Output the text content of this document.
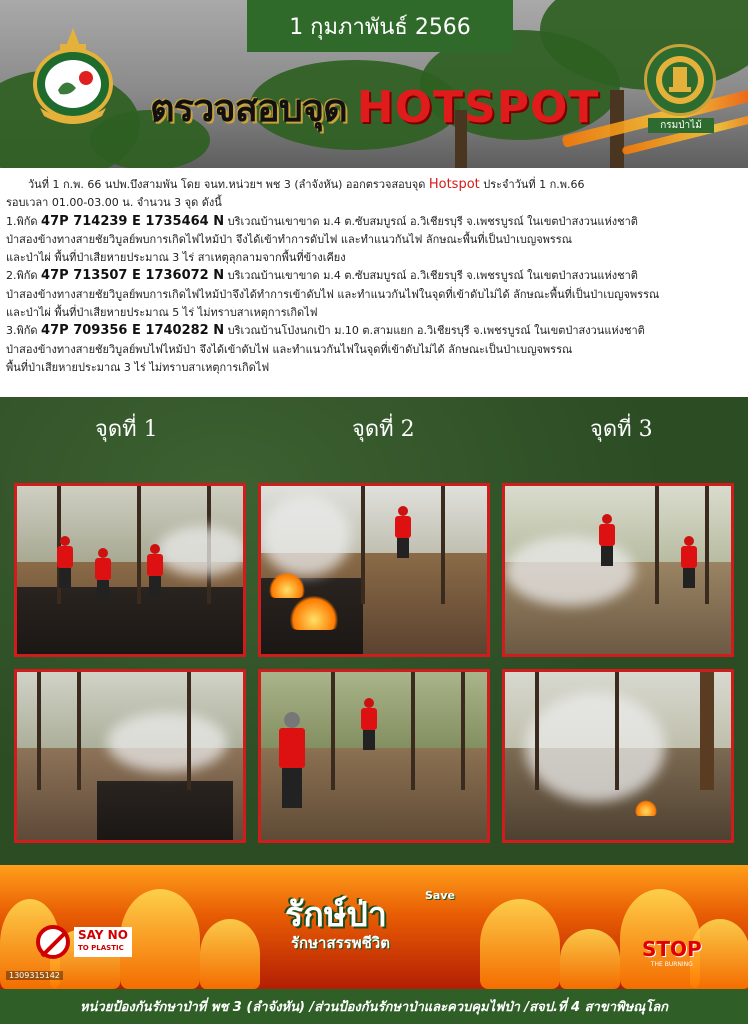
1 กุมภาพันธ์ 2566
ตรวจสอบจุด HOTSPOT	กรมป่าไม้

วันที่ 1 ก.พ. 66 นปพ.บึงสามพัน โดย จนท.หน่วยฯ พช 3 (ลำจังหัน) ออกตรวจสอบจุด Hotspot ประจำวันที่ 1 ก.พ.66

รอบเวลา 01.00-03.00 น. จำนวน 3 จุด ดังนี้

1.พิกัด 47P 714239 E 1735464 N บริเวณบ้านเขาขาด ม.4 ต.ซับสมบูรณ์ อ.วิเชียรบุรี จ.เพชรบูรณ์ ในเขตป่าสงวนแห่งชาติ

ป่าสองข้างทางสายชัยวิบูลย์พบการเกิดไฟไหม้ป่า จึงได้เข้าทำการดับไฟ และทำแนวกันไฟ ลักษณะพื้นที่เป็นป่าเบญจพรรณ

และป่าไผ่ พื้นที่ป่าเสียหายประมาณ 3 ไร่ สาเหตุลุกลามจากพื้นที่ข้างเคียง

2.พิกัด 47P 713507 E 1736072 N บริเวณบ้านเขาขาด ม.4 ต.ซับสมบูรณ์ อ.วิเชียรบุรี จ.เพชรบูรณ์ ในเขตป่าสงวนแห่งชาติ

ป่าสองข้างทางสายชัยวิบูลย์พบการเกิดไฟไหม้ป่าจึงได้ทำการเข้าดับไฟ และทำแนวกันไฟในจุดที่เข้าดับไม่ได้ ลักษณะพื้นที่เป็นป่าเบญจพรรณ

และป่าไผ่ พื้นที่ป่าเสียหายประมาณ 5 ไร่ ไม่ทราบสาเหตุการเกิดไฟ

3.พิกัด 47P 709356 E 1740282 N บริเวณบ้านโป่งนกเป้า ม.10 ต.สามแยก อ.วิเชียรบุรี จ.เพชรบูรณ์ ในเขตป่าสงวนแห่งชาติ

ป่าสองข้างทางสายชัยวิบูลย์พบไฟไหม้ป่า จึงได้เข้าดับไฟ และทำแนวกันไฟในจุดที่เข้าดับไม่ได้ ลักษณะเป็นป่าเบญจพรรณ

พื้นที่ป่าเสียหายประมาณ 3 ไร่ ไม่ทราบสาเหตุการเกิดไฟ

จุดที่ 1	จุดที่ 2	จุดที่ 3
รักษ์ป่า	Save
รักษาสรรพชีวิต
SAY NO
TO PLASTIC	STOP
THE BURNING
1309315142
หน่วยป้องกันรักษาป่าที่ พช 3 (ลำจังหัน) /ส่วนป้องกันรักษาป่าและควบคุมไฟป่า /สจป.ที่ 4 สาขาพิษณุโลก
